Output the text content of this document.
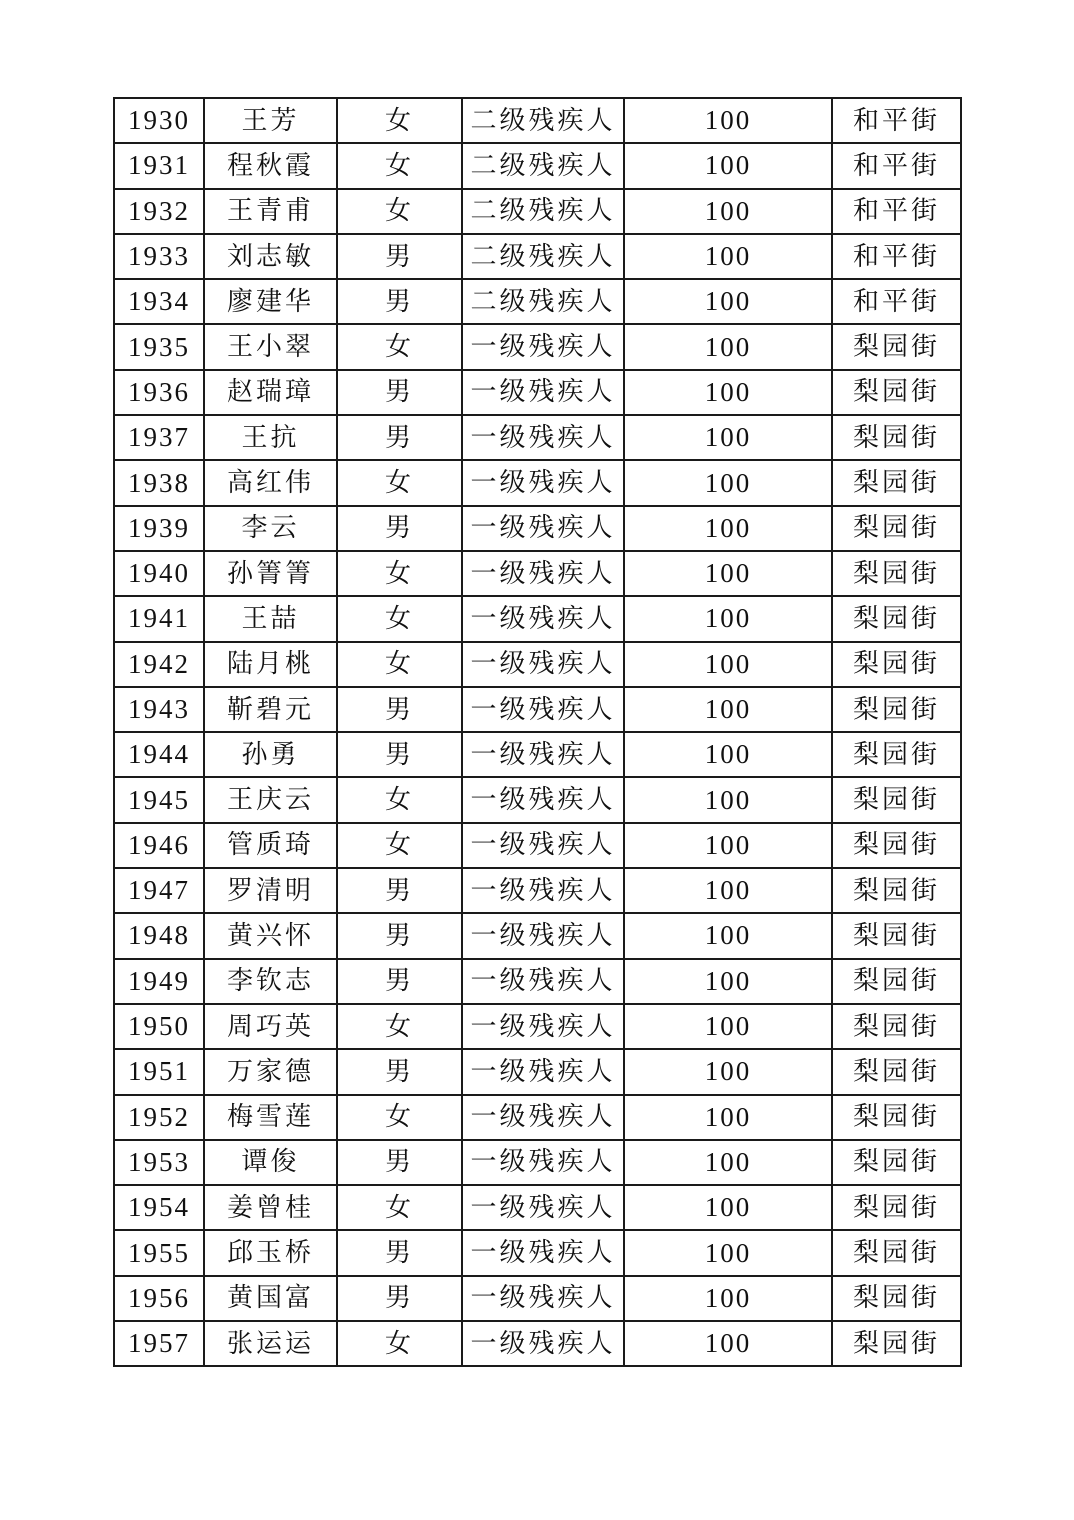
1930	王芳	女	二级残疾人	100	和平街
1931	程秋霞	女	二级残疾人	100	和平街
1932	王青甫	女	二级残疾人	100	和平街
1933	刘志敏	男	二级残疾人	100	和平街
1934	廖建华	男	二级残疾人	100	和平街
1935	王小翠	女	一级残疾人	100	梨园街
1936	赵瑞璋	男	一级残疾人	100	梨园街
1937	王抗	男	一级残疾人	100	梨园街
1938	高红伟	女	一级残疾人	100	梨园街
1939	李云	男	一级残疾人	100	梨园街
1940	孙箐箐	女	一级残疾人	100	梨园街
1941	王喆	女	一级残疾人	100	梨园街
1942	陆月桃	女	一级残疾人	100	梨园街
1943	靳碧元	男	一级残疾人	100	梨园街
1944	孙勇	男	一级残疾人	100	梨园街
1945	王庆云	女	一级残疾人	100	梨园街
1946	管质琦	女	一级残疾人	100	梨园街
1947	罗清明	男	一级残疾人	100	梨园街
1948	黄兴怀	男	一级残疾人	100	梨园街
1949	李钦志	男	一级残疾人	100	梨园街
1950	周巧英	女	一级残疾人	100	梨园街
1951	万家德	男	一级残疾人	100	梨园街
1952	梅雪莲	女	一级残疾人	100	梨园街
1953	谭俊	男	一级残疾人	100	梨园街
1954	姜曾桂	女	一级残疾人	100	梨园街
1955	邱玉桥	男	一级残疾人	100	梨园街
1956	黄国富	男	一级残疾人	100	梨园街
1957	张运运	女	一级残疾人	100	梨园街
